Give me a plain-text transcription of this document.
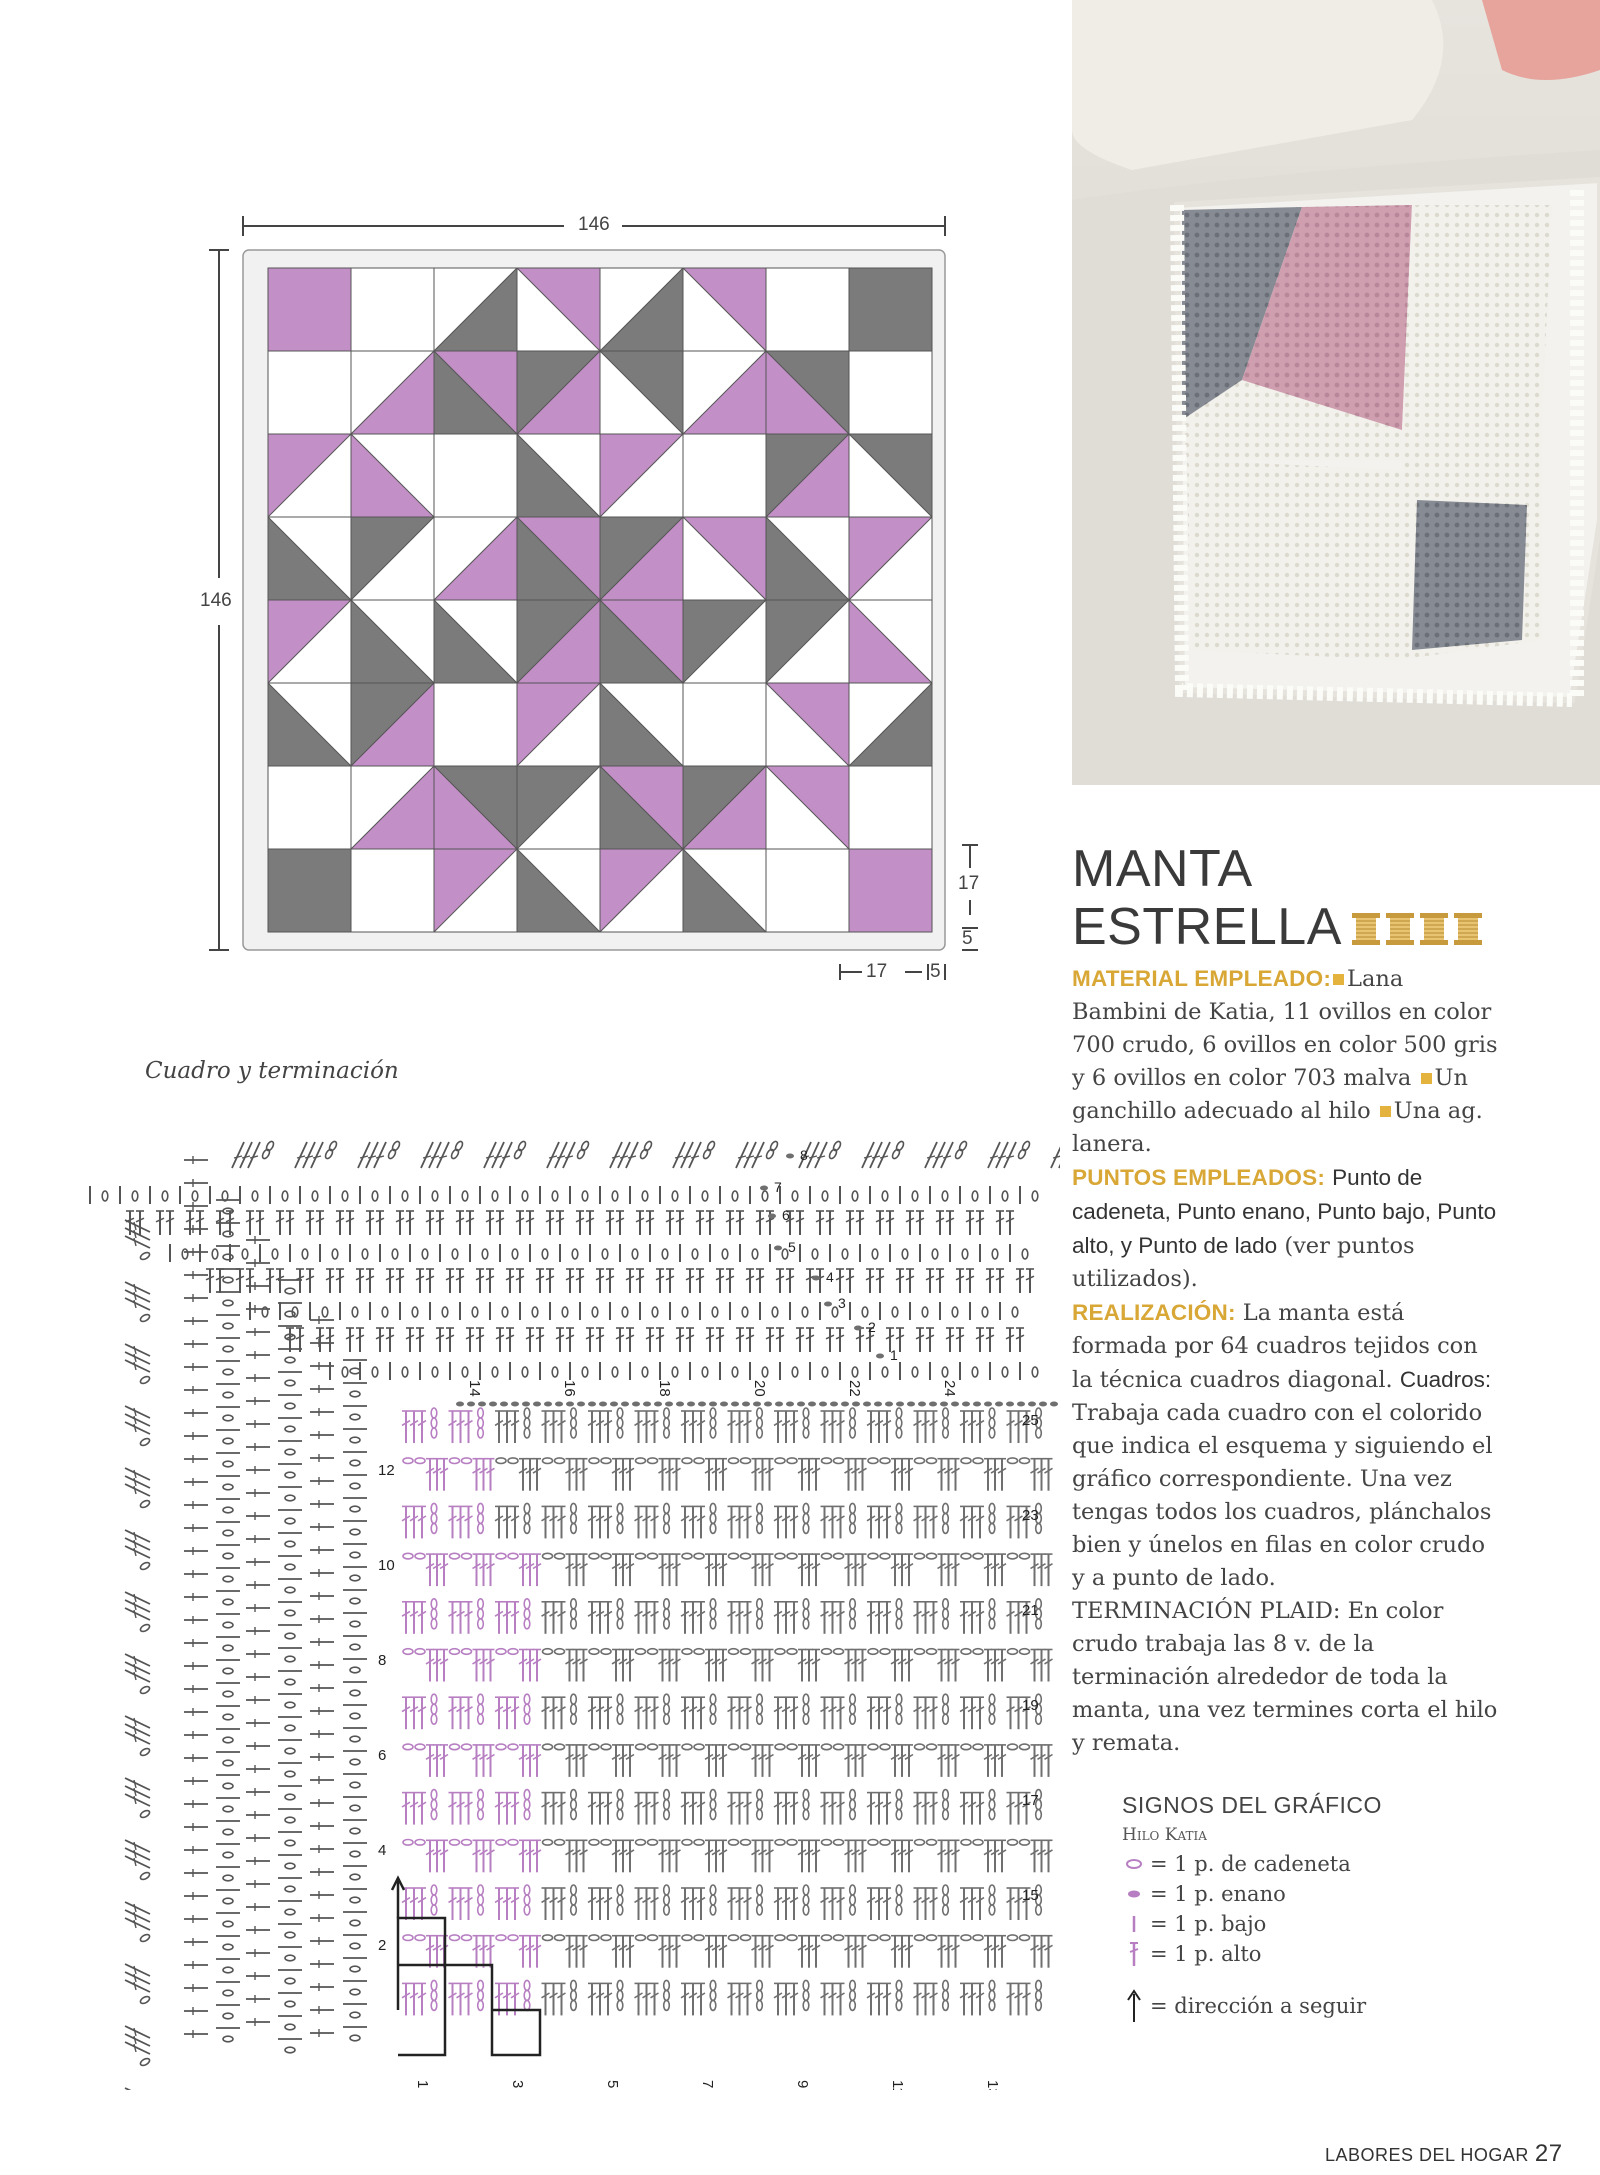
146
146
17
5
17 5
MANTA
ESTRELLA
MATERIAL EMPLEADO: Lana Bambini de Katia, 11 ovillos en color 700 crudo, 6 ovillos en color 500 gris y 6 ovillos en color 703 malva Un ganchillo adecuado al hilo Una ag. lanera.
PUNTOS EMPLEADOS: Punto de cadeneta, Punto enano, Punto bajo, Punto alto, y Punto de lado (ver puntos utilizados).
REALIZACIÓN: La manta está formada por 64 cuadros tejidos con la técnica cuadros diagonal. Cuadros: Trabaja cada cuadro con el colorido que indica el esquema y siguiendo el gráfico correspondiente. Una vez tengas todos los cuadros, plánchalos bien y únelos en filas en color crudo y a punto de lado.
TERMINACIÓN PLAID: En color crudo trabaja las 8 v. de la terminación alrededor de toda la manta, una vez termines corta el hilo y remata.
Cuadro y terminación
1
2
3
4
5
6
7
8
12
10
8
6
4
2
25
23
21
19
17
15
1	3	5	7	9	11	13
14	16	18	20	22	24
SIGNOS DEL GRÁFICO
Hilo Katia
= 1 p. de cadeneta
= 1 p. enano
= 1 p. bajo
= 1 p. alto
= dirección a seguir
LABORES DEL HOGAR 27
